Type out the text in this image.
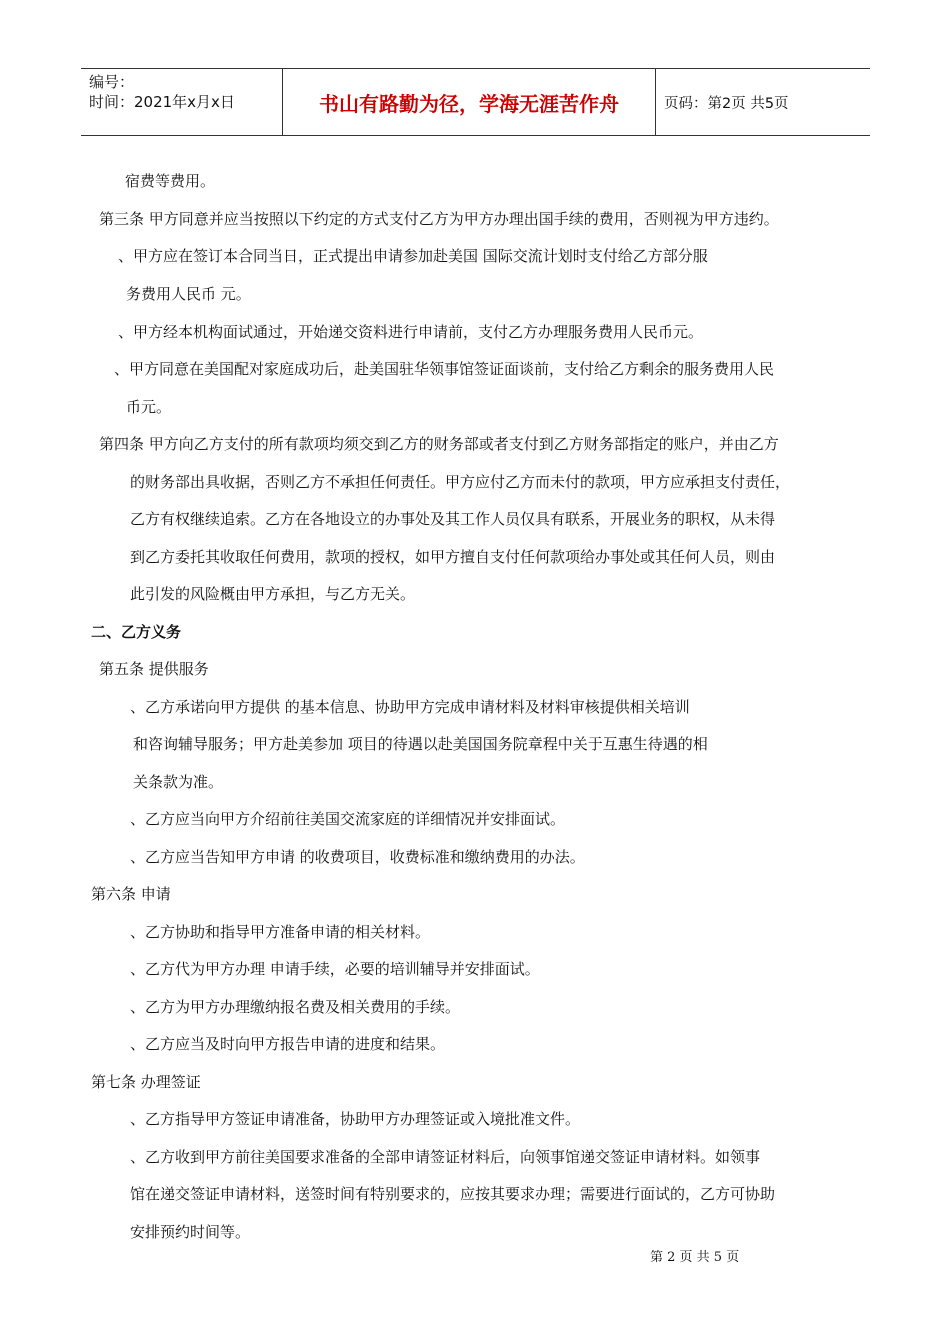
编号：
时间：2021年x月x日	书山有路勤为径，学海无涯苦作舟	页码：第2页 共5页
宿费等费用。
第三条 甲方同意并应当按照以下约定的方式支付乙方为甲方办理出国手续的费用，否则视为甲方违约。
、甲方应在签订本合同当日，正式提出申请参加赴美国 国际交流计划时支付给乙方部分服
务费用人民币 元。
、甲方经本机构面试通过，开始递交资料进行申请前，支付乙方办理服务费用人民币元。
、甲方同意在美国配对家庭成功后，赴美国驻华领事馆签证面谈前，支付给乙方剩余的服务费用人民
币元。
第四条 甲方向乙方支付的所有款项均须交到乙方的财务部或者支付到乙方财务部指定的账户，并由乙方
的财务部出具收据，否则乙方不承担任何责任。甲方应付乙方而未付的款项，甲方应承担支付责任，
乙方有权继续追索。乙方在各地设立的办事处及其工作人员仅具有联系，开展业务的职权，从未得
到乙方委托其收取任何费用，款项的授权，如甲方擅自支付任何款项给办事处或其任何人员，则由
此引发的风险概由甲方承担，与乙方无关。
二、乙方义务
第五条 提供服务
、乙方承诺向甲方提供 的基本信息、协助甲方完成申请材料及材料审核提供相关培训
和咨询辅导服务；甲方赴美参加 项目的待遇以赴美国国务院章程中关于互惠生待遇的相
关条款为准。
、乙方应当向甲方介绍前往美国交流家庭的详细情况并安排面试。
、乙方应当告知甲方申请 的收费项目，收费标准和缴纳费用的办法。
第六条 申请
、乙方协助和指导甲方准备申请的相关材料。
、乙方代为甲方办理 申请手续，必要的培训辅导并安排面试。
、乙方为甲方办理缴纳报名费及相关费用的手续。
、乙方应当及时向甲方报告申请的进度和结果。
第七条 办理签证
、乙方指导甲方签证申请准备，协助甲方办理签证或入境批准文件。
、乙方收到甲方前往美国要求准备的全部申请签证材料后，向领事馆递交签证申请材料。如领事
馆在递交签证申请材料，送签时间有特别要求的，应按其要求办理；需要进行面试的，乙方可协助
安排预约时间等。
第 2 页 共 5 页
